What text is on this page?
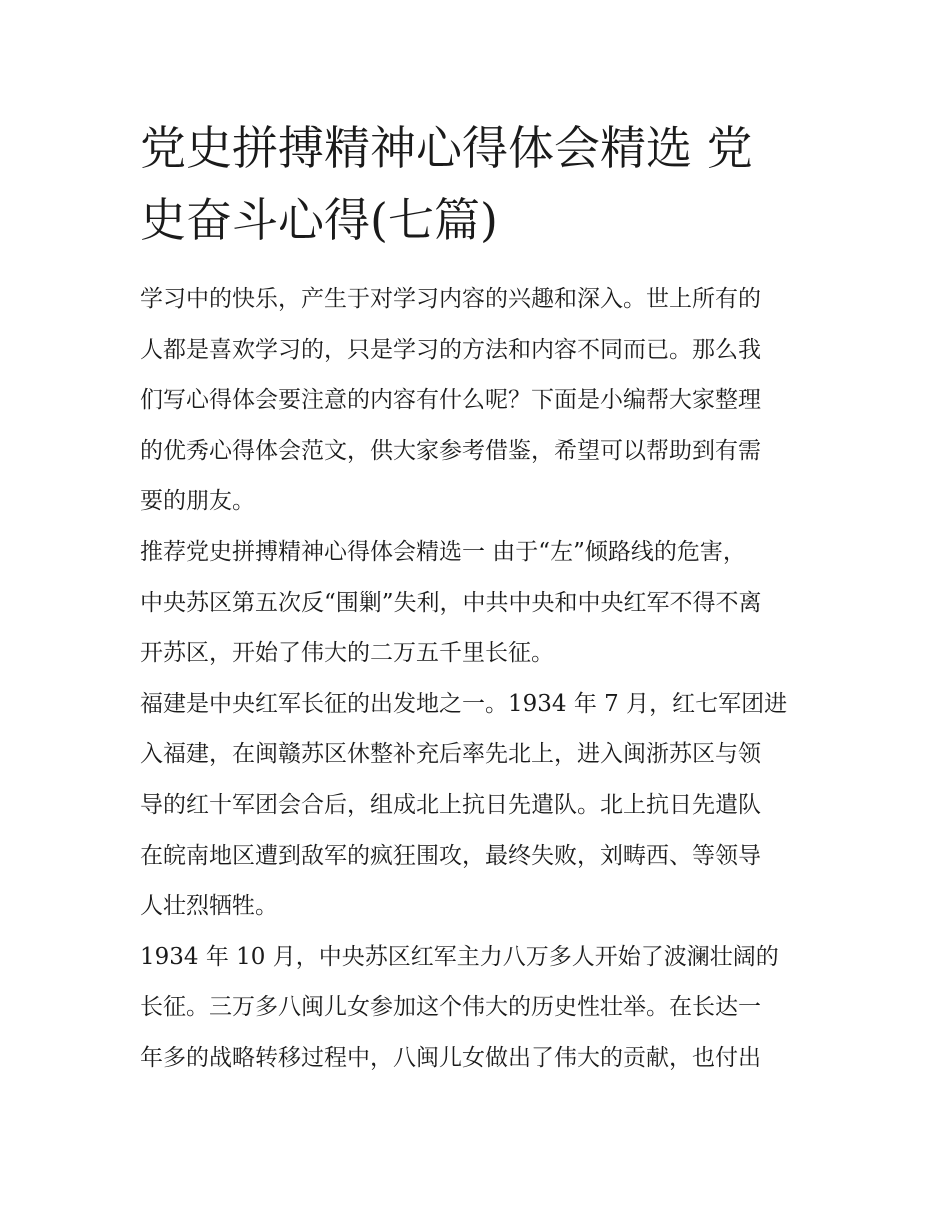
党史拼搏精神心得体会精选 党
史奋斗心得(七篇)

学习中的快乐，产生于对学习内容的兴趣和深入。世上所有的
人都是喜欢学习的，只是学习的方法和内容不同而已。那么我
们写心得体会要注意的内容有什么呢？下面是小编帮大家整理
的优秀心得体会范文，供大家参考借鉴，希望可以帮助到有需
要的朋友。

推荐党史拼搏精神心得体会精选一 由于“左”倾路线的危害，
中央苏区第五次反“围剿”失利，中共中央和中央红军不得不离
开苏区，开始了伟大的二万五千里长征。

福建是中央红军长征的出发地之一。1934 年 7 月，红七军团进
入福建，在闽赣苏区休整补充后率先北上，进入闽浙苏区与领
导的红十军团会合后，组成北上抗日先遣队。北上抗日先遣队
在皖南地区遭到敌军的疯狂围攻，最终失败，刘畴西、等领导
人壮烈牺牲。

1934 年 10 月，中央苏区红军主力八万多人开始了波澜壮阔的
长征。三万多八闽儿女参加这个伟大的历史性壮举。在长达一
年多的战略转移过程中，八闽儿女做出了伟大的贡献，也付出
